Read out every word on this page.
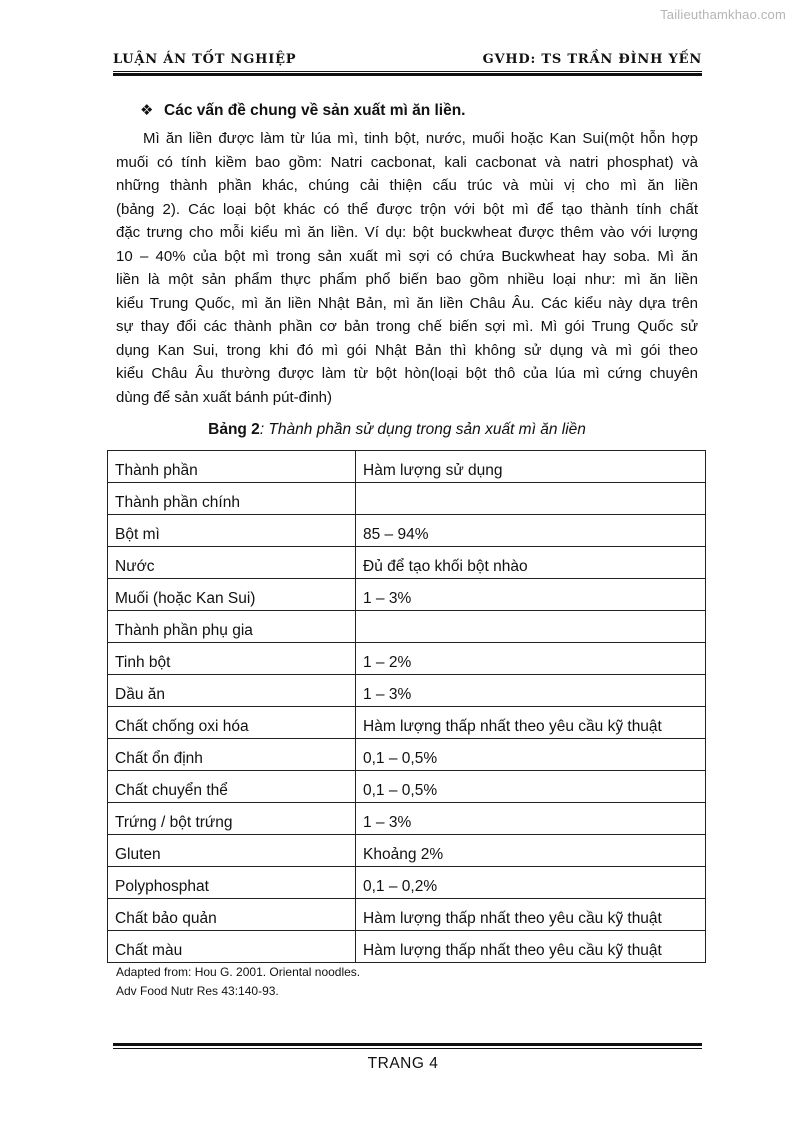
Tailieuthamkhao.com
LUẬN ÁN TỐT NGHIỆP	GVHD: TS TRẦN ĐÌNH YẾN
❖ Các vấn đề chung về sản xuất mì ăn liền.
Mì ăn liền được làm từ lúa mì, tinh bột, nước, muối hoặc Kan Sui(một hỗn hợp
muối có tính kiềm bao gồm: Natri cacbonat, kali cacbonat và natri phosphat) và
những thành phần khác, chúng cải thiện cấu trúc và mùi vị cho mì ăn liền
(bảng 2). Các loại bột khác có thể được trộn với bột mì để tạo thành tính chất
đặc trưng cho mỗi kiểu mì ăn liền. Ví dụ: bột buckwheat được thêm vào với lượng
10 – 40% của bột mì trong sản xuất mì sợi có chứa Buckwheat hay soba. Mì ăn
liền là một sản phẩm thực phẩm phổ biến bao gồm nhiều loại như: mì ăn liền
kiểu Trung Quốc, mì ăn liền Nhật Bản, mì ăn liền Châu Âu. Các kiểu này dựa trên
sự thay đổi các thành phần cơ bản trong chế biến sợi mì. Mì gói Trung Quốc sử
dụng Kan Sui, trong khi đó mì gói Nhật Bản thì không sử dụng và mì gói theo
kiểu Châu Âu thường được làm từ bột hòn(loại bột thô của lúa mì cứng chuyên
dùng để sản xuất bánh pút-đinh)
Bảng 2: Thành phần sử dụng trong sản xuất mì ăn liền
Thành phần	Hàm lượng sử dụng
Thành phần chính	
Bột mì	85 – 94%
Nước	Đủ để tạo khối bột nhào
Muối (hoặc Kan Sui)	1 – 3%
Thành phần phụ gia	
Tinh bột	1 – 2%
Dầu ăn	1 – 3%
Chất chống oxi hóa	Hàm lượng thấp nhất theo yêu cầu kỹ thuật
Chất ổn định	0,1 – 0,5%
Chất chuyển thể	0,1 – 0,5%
Trứng / bột trứng	1 – 3%
Gluten	Khoảng 2%
Polyphosphat	0,1 – 0,2%
Chất bảo quản	Hàm lượng thấp nhất theo yêu cầu kỹ thuật
Chất màu	Hàm lượng thấp nhất theo yêu cầu kỹ thuật
Adapted from: Hou G. 2001. Oriental noodles.
Adv Food Nutr Res 43:140-93.
TRANG 4
